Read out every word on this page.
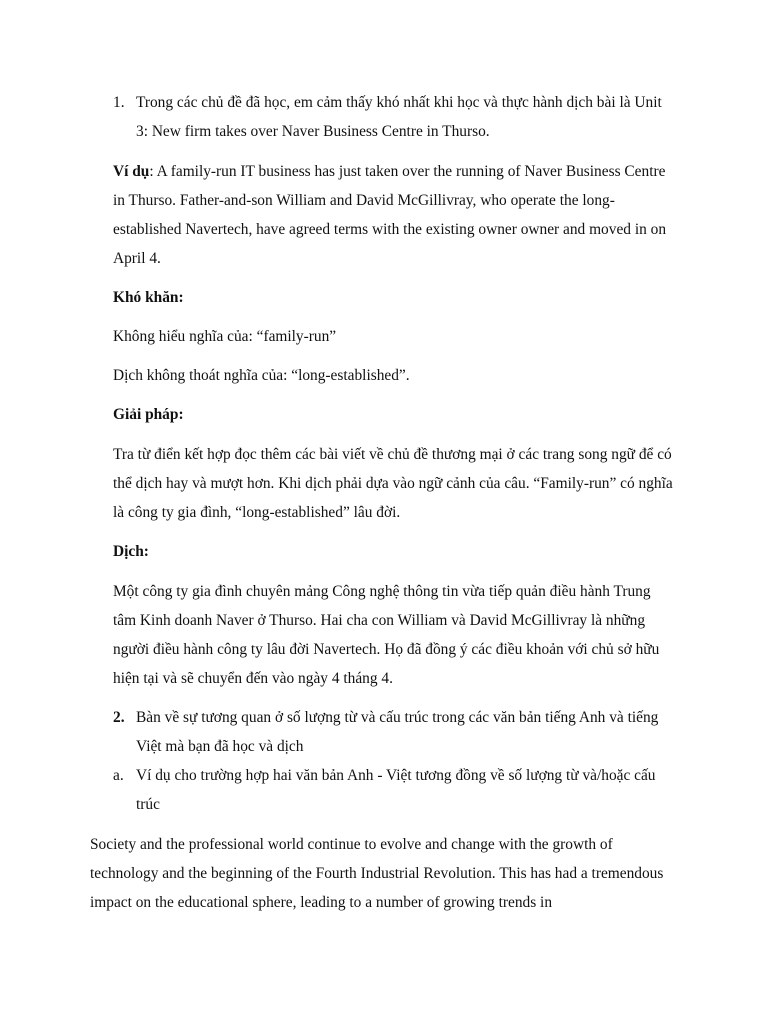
1. Trong các chủ đề đã học, em cảm thấy khó nhất khi học và thực hành dịch bài là Unit 3: New firm takes over Naver Business Centre in Thurso.

Ví dụ: A family-run IT business has just taken over the running of Naver Business Centre in Thurso. Father-and-son William and David McGillivray, who operate the long-established Navertech, have agreed terms with the existing owner owner and moved in on April 4.

Khó khăn:

Không hiểu nghĩa của: “family-run”

Dịch không thoát nghĩa của: “long-established”.

Giải pháp:

Tra từ điển kết hợp đọc thêm các bài viết về chủ đề thương mại ở các trang song ngữ để có thể dịch hay và mượt hơn. Khi dịch phải dựa vào ngữ cảnh của câu. “Family-run” có nghĩa là công ty gia đình, “long-established” lâu đời.

Dịch:

Một công ty gia đình chuyên mảng Công nghệ thông tin vừa tiếp quản điều hành Trung tâm Kinh doanh Naver ở Thurso. Hai cha con William và David McGillivray là những người điều hành công ty lâu đời Navertech. Họ đã đồng ý các điều khoản với chủ sở hữu hiện tại và sẽ chuyển đến vào ngày 4 tháng 4.

2. Bàn về sự tương quan ở số lượng từ và cấu trúc trong các văn bản tiếng Anh và tiếng Việt mà bạn đã học và dịch
a. Ví dụ cho trường hợp hai văn bản Anh - Việt tương đồng về số lượng từ và/hoặc cấu trúc

Society and the professional world continue to evolve and change with the growth of technology and the beginning of the Fourth Industrial Revolution. This has had a tremendous impact on the educational sphere, leading to a number of growing trends in
